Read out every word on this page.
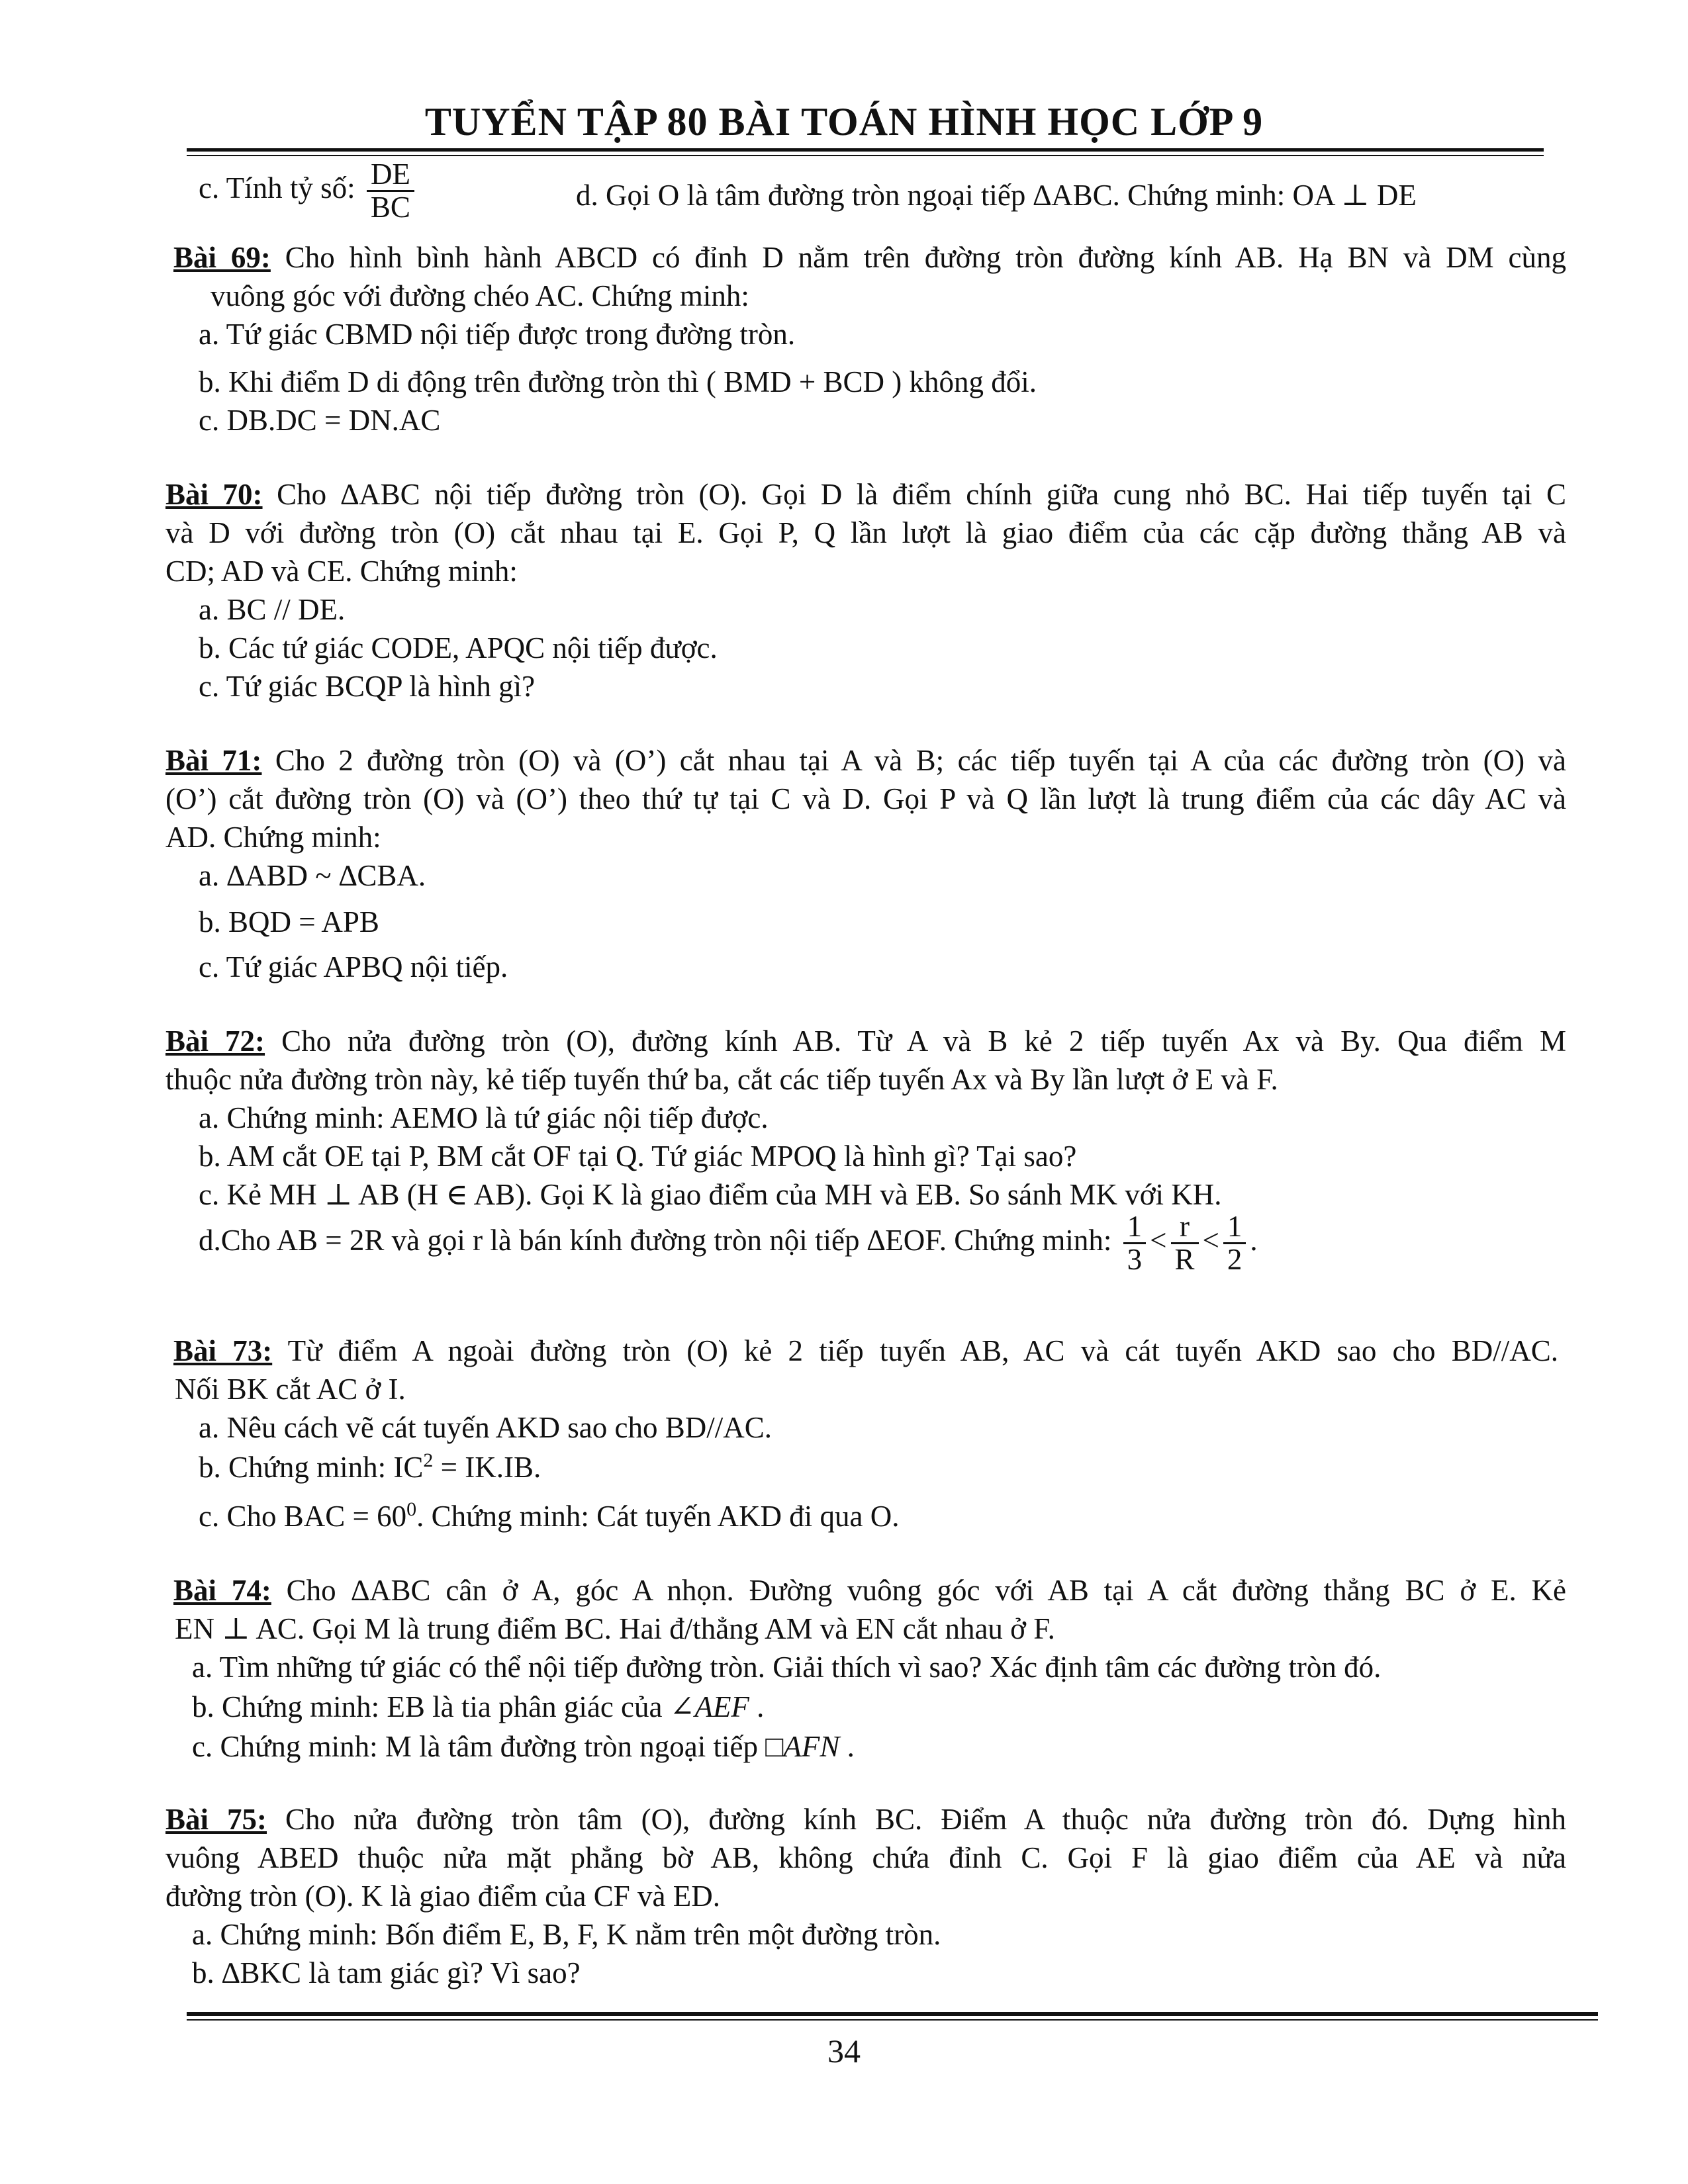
TUYỂN TẬP 80 BÀI TOÁN HÌNH HỌC LỚP 9
c. Tính tỷ số: $\frac{DE}{BC}$	d. Gọi O là tâm đường tròn ngoại tiếp ∆ABC. Chứng minh: OA ⊥ DE
Bài 69: Cho hình bình hành ABCD có đỉnh D nằm trên đường tròn đường kính AB. Hạ BN và DM cùng
vuông góc với đường chéo AC. Chứng minh:
a. Tứ giác CBMD nội tiếp được trong đường tròn.
b. Khi điểm D di động trên đường tròn thì ( BMD + BCD ) không đổi.
c. DB.DC = DN.AC
Bài 70: Cho ∆ABC nội tiếp đường tròn (O). Gọi D là điểm chính giữa cung nhỏ BC. Hai tiếp tuyến tại C
và D với đường tròn (O) cắt nhau tại E. Gọi P, Q lần lượt là giao điểm của các cặp đường thẳng AB và
CD; AD và CE. Chứng minh:
a. BC // DE.
b. Các tứ giác CODE, APQC nội tiếp được.
c. Tứ giác BCQP là hình gì?
Bài 71: Cho 2 đường tròn (O) và (O’) cắt nhau tại A và B; các tiếp tuyến tại A của các đường tròn (O) và
(O’) cắt đường tròn (O) và (O’) theo thứ tự tại C và D. Gọi P và Q lần lượt là trung điểm của các dây AC và
AD. Chứng minh:
a. ∆ABD ~ ∆CBA.
b. BQD = APB
c. Tứ giác APBQ nội tiếp.
Bài 72: Cho nửa đường tròn (O), đường kính AB. Từ A và B kẻ 2 tiếp tuyến Ax và By. Qua điểm M
thuộc nửa đường tròn này, kẻ tiếp tuyến thứ ba, cắt các tiếp tuyến Ax và By lần lượt ở E và F.
a. Chứng minh: AEMO là tứ giác nội tiếp được.
b. AM cắt OE tại P, BM cắt OF tại Q. Tứ giác MPOQ là hình gì? Tại sao?
c. Kẻ MH ⊥ AB (H ∈ AB). Gọi K là giao điểm của MH và EB. So sánh MK với KH.
d.Cho AB = 2R và gọi r là bán kính đường tròn nội tiếp ∆EOF. Chứng minh: $\frac{1}{3} < \frac{r}{R} < \frac{1}{2}$ .
Bài 73: Từ điểm A ngoài đường tròn (O) kẻ 2 tiếp tuyến AB, AC và cát tuyến AKD sao cho BD//AC.
Nối BK cắt AC ở I.
a. Nêu cách vẽ cát tuyến AKD sao cho BD//AC.
b. Chứng minh: $IC^2 = IK.IB$.
c. Cho BAC = $60^0$. Chứng minh: Cát tuyến AKD đi qua O.
Bài 74: Cho ∆ABC cân ở A, góc A nhọn. Đường vuông góc với AB tại A cắt đường thẳng BC ở E. Kẻ
EN ⊥ AC. Gọi M là trung điểm BC. Hai đ/thẳng AM và EN cắt nhau ở F.
a. Tìm những tứ giác có thể nội tiếp đường tròn. Giải thích vì sao? Xác định tâm các đường tròn đó.
b. Chứng minh: EB là tia phân giác của ∠AEF .
c. Chứng minh: M là tâm đường tròn ngoại tiếp □AFN .
Bài 75: Cho nửa đường tròn tâm (O), đường kính BC. Điểm A thuộc nửa đường tròn đó. Dựng hình
vuông ABED thuộc nửa mặt phẳng bờ AB, không chứa đỉnh C. Gọi F là giao điểm của AE và nửa
đường tròn (O). K là giao điểm của CF và ED.
a. Chứng minh: Bốn điểm E, B, F, K nằm trên một đường tròn.
b. ∆BKC là tam giác gì? Vì sao?
34
